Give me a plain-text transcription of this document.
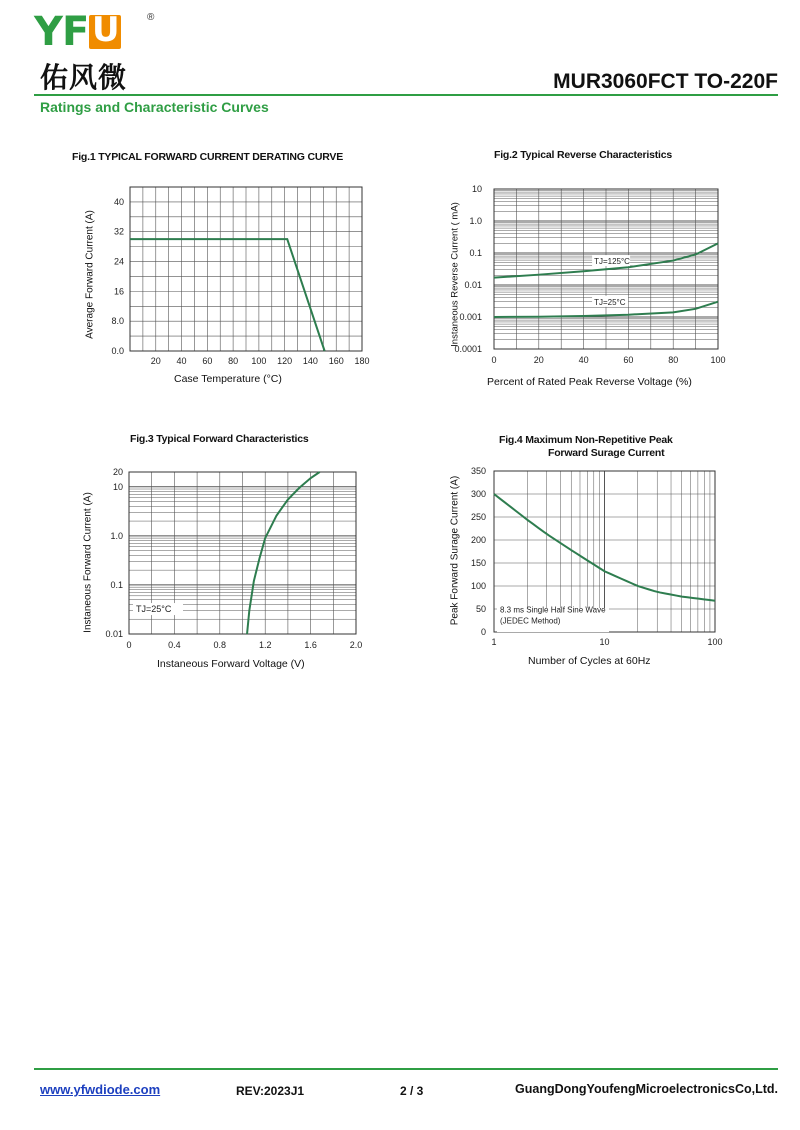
YF U	®
佑风微	MUR3060FCT TO-220F
Ratings and Characteristic Curves
Fig.1 TYPICAL FORWARD CURRENT DERATING CURVE
Average Forward Current (A)
Case Temperature (°C)
20 40 60 80 100 120 140 160 180
0.0
8.0
16
24
32
40
Fig.2 Typical Reverse Characteristics
Instaneous Reverse Current ( mA)
Percent of Rated Peak Reverse Voltage (%)
0	20	40	60	80	100
10
1.0
0.1
0.01
0.001
0.0001
TJ=125°C
TJ=25°C
Fig.3 Typical Forward Characteristics
Instaneous Forward Current (A)
Instaneous Forward Voltage (V)
0	0.4	0.8	1.2	1.6	2.0
20
10
1.0
0.1
0.01
TJ=25°C
Fig.4 Maximum Non-Repetitive Peak
Forward Surage Current
Peak Forward Surage Current (A)
Number of Cycles at 60Hz
1	10	100
0
50
100
150
200
250
300
350
8.3 ms Single Half Sine Wave
(JEDEC Method)
www.yfwdiode.com	REV:2023J1	2 / 3	GuangDongYoufengMicroelectronicsCo,Ltd.
